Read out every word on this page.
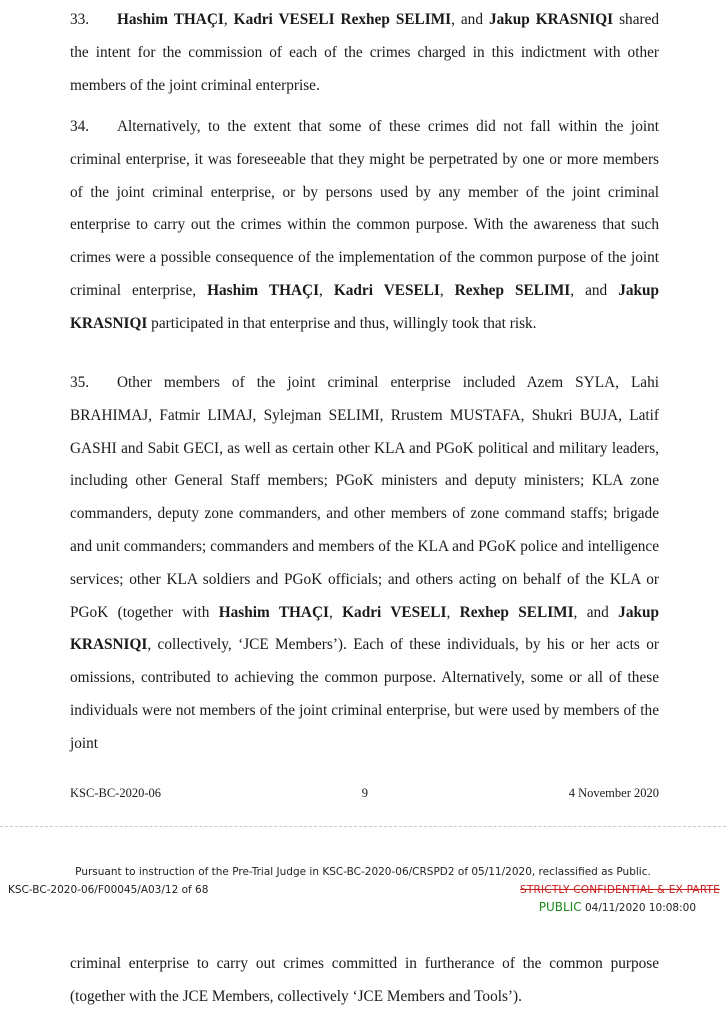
33. Hashim THAÇI, Kadri VESELI Rexhep SELIMI, and Jakup KRASNIQI shared the intent for the commission of each of the crimes charged in this indictment with other members of the joint criminal enterprise.
34. Alternatively, to the extent that some of these crimes did not fall within the joint criminal enterprise, it was foreseeable that they might be perpetrated by one or more members of the joint criminal enterprise, or by persons used by any member of the joint criminal enterprise to carry out the crimes within the common purpose. With the awareness that such crimes were a possible consequence of the implementation of the common purpose of the joint criminal enterprise, Hashim THAÇI, Kadri VESELI, Rexhep SELIMI, and Jakup KRASNIQI participated in that enterprise and thus, willingly took that risk.
35. Other members of the joint criminal enterprise included Azem SYLA, Lahi BRAHIMAJ, Fatmir LIMAJ, Sylejman SELIMI, Rrustem MUSTAFA, Shukri BUJA, Latif GASHI and Sabit GECI, as well as certain other KLA and PGoK political and military leaders, including other General Staff members; PGoK ministers and deputy ministers; KLA zone commanders, deputy zone commanders, and other members of zone command staffs; brigade and unit commanders; commanders and members of the KLA and PGoK police and intelligence services; other KLA soldiers and PGoK officials; and others acting on behalf of the KLA or PGoK (together with Hashim THAÇI, Kadri VESELI, Rexhep SELIMI, and Jakup KRASNIQI, collectively, ‘JCE Members’). Each of these individuals, by his or her acts or omissions, contributed to achieving the common purpose. Alternatively, some or all of these individuals were not members of the joint criminal enterprise, but were used by members of the joint
KSC-BC-2020-06	9	4 November 2020
Pursuant to instruction of the Pre-Trial Judge in KSC-BC-2020-06/CRSPD2 of 05/11/2020, reclassified as Public.
KSC-BC-2020-06/F00045/A03/12 of 68	STRICTLY CONFIDENTIAL & EX PARTE
PUBLIC 04/11/2020 10:08:00
criminal enterprise to carry out crimes committed in furtherance of the common purpose (together with the JCE Members, collectively ‘JCE Members and Tools’).
